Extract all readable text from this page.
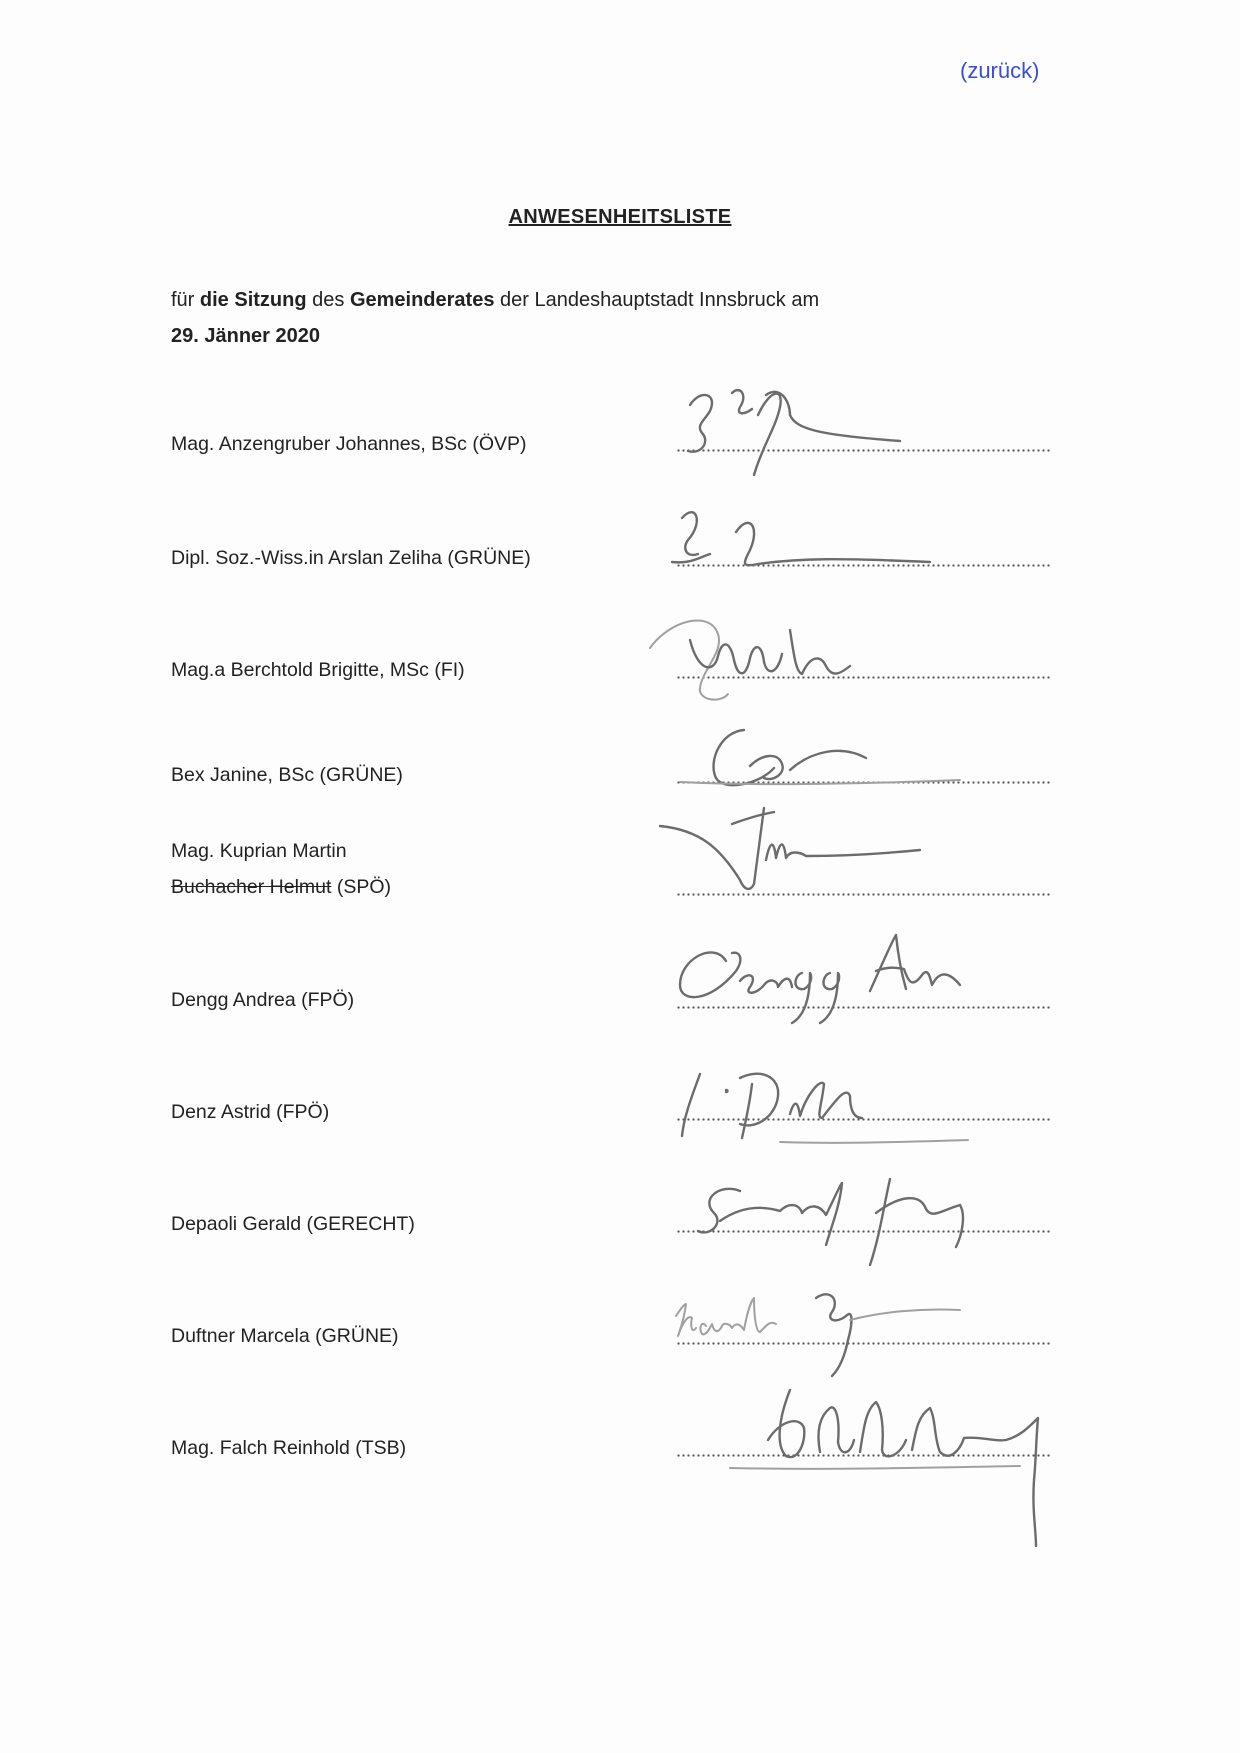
(zurück)
ANWESENHEITSLISTE
für die Sitzung des Gemeinderates der Landeshauptstadt Innsbruck am
29. Jänner 2020
Mag. Anzengruber Johannes, BSc (ÖVP)
Dipl. Soz.-Wiss.in Arslan Zeliha (GRÜNE)
Mag.a Berchtold Brigitte, MSc (FI)
Bex Janine, BSc (GRÜNE)
Mag. Kuprian Martin
Buchacher Helmut (SPÖ)
Dengg Andrea (FPÖ)
Denz Astrid (FPÖ)
Depaoli Gerald (GERECHT)
Duftner Marcela (GRÜNE)
Mag. Falch Reinhold (TSB)
